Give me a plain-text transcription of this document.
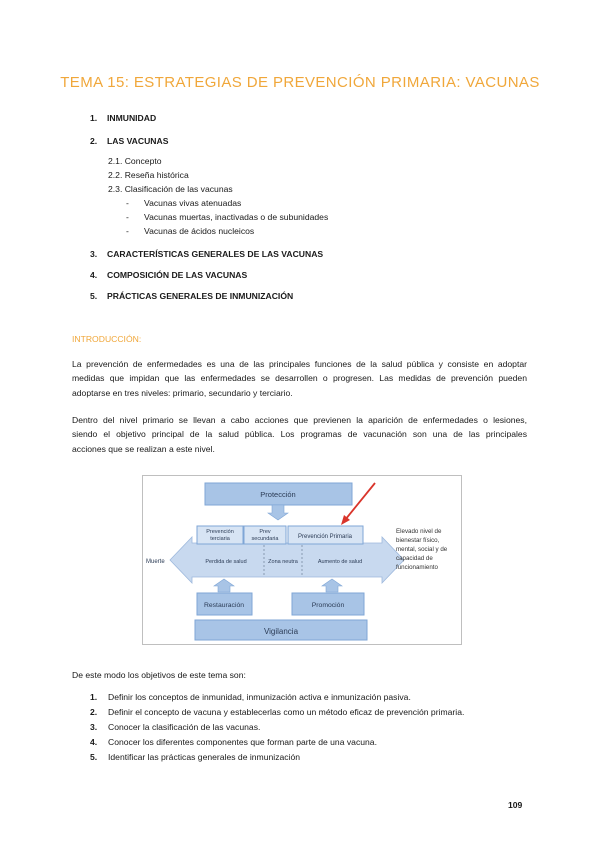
TEMA 15: ESTRATEGIAS DE PREVENCIÓN PRIMARIA: VACUNAS
1. INMUNIDAD
2. LAS VACUNAS
2.1. Concepto
2.2. Reseña histórica
2.3. Clasificación de las vacunas
- Vacunas vivas atenuadas
- Vacunas muertas, inactivadas o de subunidades
- Vacunas de ácidos nucleicos
3. CARACTERÍSTICAS GENERALES DE LAS VACUNAS
4. COMPOSICIÓN DE LAS VACUNAS
5. PRÁCTICAS GENERALES DE INMUNIZACIÓN
INTRODUCCIÓN:
La prevención de enfermedades es una de las principales funciones de la salud pública y consiste en adoptar
medidas que impidan que las enfermedades se desarrollen o progresen. Las medidas de prevención pueden
adoptarse en tres niveles: primario, secundario y terciario.
Dentro del nivel primario se llevan a cabo acciones que previenen la aparición de enfermedades o lesiones,
siendo el objetivo principal de la salud pública. Los programas de vacunación son una de las principales
acciones que se realizan a este nivel.
Protección
Prevención
terciaria
Prev
secundaria	Prevención Primaria
Muerte	Perdida de salud	Zona neutra	Aumento de salud
Elevado nivel de
bienestar físico,
mental, social y de
capacidad de
funcionamiento
Restauración	Promoción
Vigilancia
De este modo los objetivos de este tema son:
1. Definir los conceptos de inmunidad, inmunización activa e inmunización pasiva.
2. Definir el concepto de vacuna y establecerlas como un método eficaz de prevención primaria.
3. Conocer la clasificación de las vacunas.
4. Conocer los diferentes componentes que forman parte de una vacuna.
5. Identificar las prácticas generales de inmunización
109
